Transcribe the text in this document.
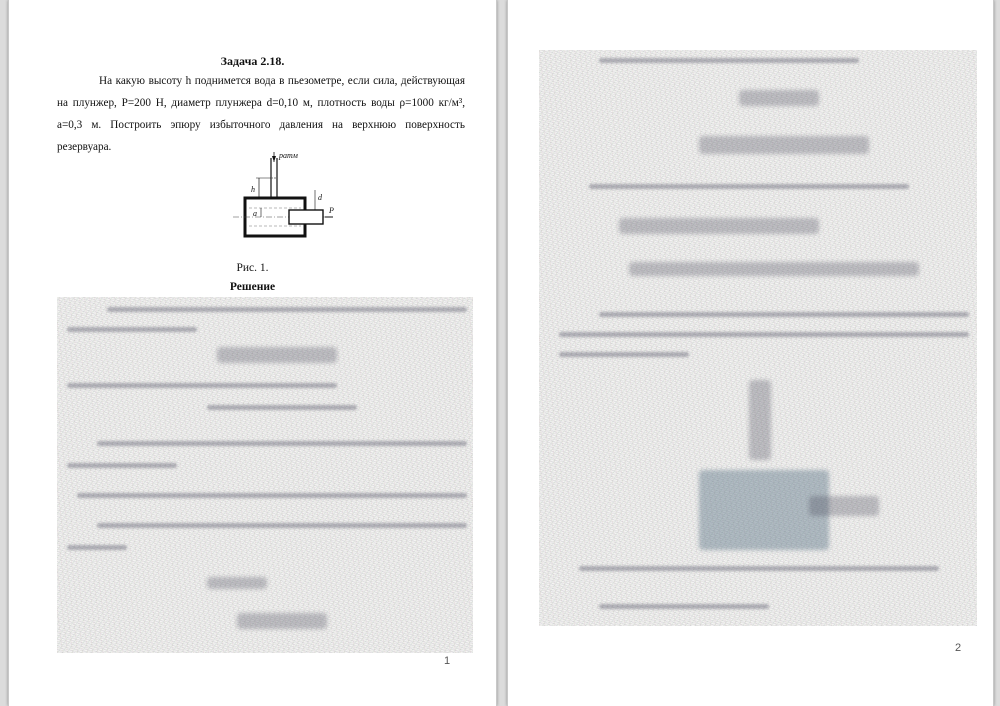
Задача 2.18.

На какую высоту h поднимется вода в пьезометре, если сила, действующая на плунжер, P=200 Н, диаметр плунжера d=0,10 м, плотность воды ρ=1000 кг/м³, a=0,3 м. Построить эпюру избыточного давления на верхнюю поверхность резервуара.

pатм
h
a
d
P
Рис. 1.
Решение
1
2
